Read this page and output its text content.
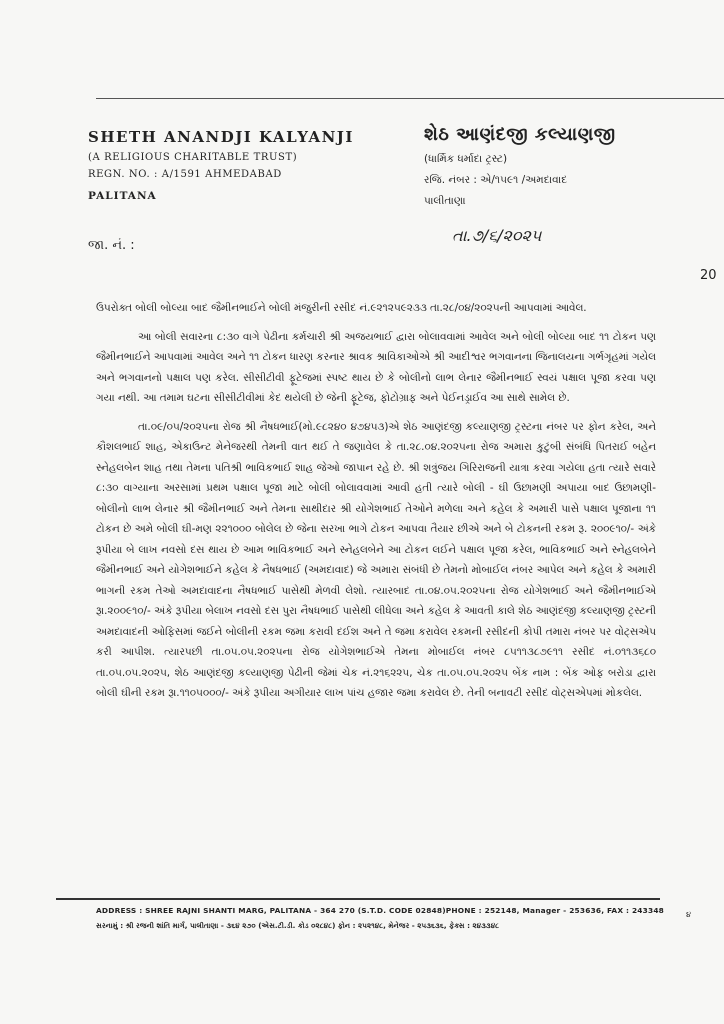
SHETH ANANDJI KALYANJI
(A RELIGIOUS CHARITABLE TRUST)
REGN. NO. : A/1591 AHMEDABAD
PALITANA
શેઠ આણંદજી કલ્યાણજી
(ધાર્મિક ધર્માદા ટ્રસ્ટ)
રજિ. નંબર : એ/૧૫૯૧ /અમદાવાદ
પાલીતાણા
જા. નં. :
તા.૭/૬/૨૦૨૫
20

ઉપરોક્ત બોલી બોલ્યા બાદ જૈમીનભાઈને બોલી મંજુરીની રસીદ નં.૯૨૧૨૫૯૨૩૩ તા.૨૮/૦૪/૨૦૨૫ની આપવામાં આવેલ.

આ બોલી સવારના ૮:૩૦ વાગે પેઢીના કર્મચારી શ્રી અજયભાઈ દ્વારા બોલાવવામાં આવેલ અને બોલી બોલ્યા બાદ ૧૧ ટોકન પણ જૈમીનભાઈને આપવામાં આવેલ અને ૧૧ ટોકન ધારણ કરનાર શ્રાવક શ્રાવિકાઓએ શ્રી આદીશ્વર ભગવાનના જિનાલયના ગર્ભગૃહમાં ગયેલ અને ભગવાનનો પક્ષાલ પણ કરેલ. સીસીટીવી ફૂટેજમાં સ્પષ્ટ થાય છે કે બોલીનો લાભ લેનાર જૈમીનભાઈ સ્વયં પક્ષાલ પૂજા કરવા પણ ગયા નથી. આ તમામ ઘટના સીસીટીવીમાં કેદ થયેલી છે જેની ફૂટેજ, ફોટોગ્રાફ અને પેઈનડ્રાઈવ આ સાથે સામેલ છે.

તા.૦૯/૦૫/૨૦૨૫ના રોજ શ્રી નૈષધભાઈ(મો.૯૮૨૪૦ ૪૭૪૫૩)એ શેઠ આણંદજી કલ્યાણજી ટ્રસ્ટના નંબર પર ફોન કરેલ, અને કૌશલભાઈ શાહ, એકાઉન્ટ મેનેજરથી તેમની વાત થઈ તે જણાવેલ કે તા.૨૮.૦૪.૨૦૨૫ના રોજ અમારા કુટુંબી સંબંધિ પિતરાઈ બહેન સ્નેહલબેન શાહ તથા તેમના પતિશ્રી ભાવિકભાઈ શાહ જેઓ જાપાન રહે છે. શ્રી શત્રુંજય ગિરિરાજની યાત્રા કરવા ગયેલા હતા ત્યારે સવારે ૮:૩૦ વાગ્યાના અરસામાં પ્રથમ પક્ષાલ પૂજા માટે બોલી બોલાવવામાં આવી હતી ત્યારે બોલી - ઘી ઉછામણી અપાયા બાદ ઉછામણી- બોલીનો લાભ લેનાર શ્રી જૈમીનભાઈ અને તેમના સાથીદાર શ્રી યોગેશભાઈ તેઓને મળેલા અને કહેલ કે અમારી પાસે પક્ષાલ પૂજાના ૧૧ ટોકન છે અમે બોલી ઘી-મણ ૨૨૧૦૦૦ બોલેલ છે જેના સરખા ભાગે ટોકન આપવા તૈયાર છીએ અને બે ટોકનની રકમ રૂ. ૨૦૦૯૧૦/- અંકે રૂપીયા બે લાખ નવસો દસ થાય છે આમ ભાવિકભાઈ અને સ્નેહલબેને આ ટોકન લઈને પક્ષાલ પૂજા કરેલ, ભાવિકભાઈ અને સ્નેહલબેને જૈમીનભાઈ અને યોગેશભાઈને કહેલ કે નૈષધભાઈ (અમદાવાદ) જે અમારા સંબંધી છે તેમનો મોબાઈલ નંબર આપેલ અને કહેલ કે અમારી ભાગની રકમ તેઓ અમદાવાદના નૈષધભાઈ પાસેથી મેળવી લેશો. ત્યારબાદ તા.૦૪.૦૫.૨૦૨૫ના રોજ યોગેશભાઈ અને જૈમીનભાઈએ રૂા.૨૦૦૯૧૦/- અંકે રૂપીયા બેલાખ નવસો દસ પુરા નૈષધભાઈ પાસેથી લીધેલા અને કહેલ કે આવતી કાલે શેઠ આણંદજી કલ્યાણજી ટ્રસ્ટની અમદાવાદની ઓફિસમાં જઈને બોલીની રકમ જમા કરાવી દઈશ અને તે જમા કરાવેલ રકમની રસીદની કોપી તમારા નંબર પર વોટ્સએપ કરી આપીશ. ત્યારપછી તા.૦૫.૦૫.૨૦૨૫ના રોજ યોગેશભાઈએ તેમના મોબાઈલ નંબર ૮૫૧૧૩૮૭૯૧૧ રસીદ નં.૦૧૧૩૬૮૦ તા.૦૫.૦૫.૨૦૨૫, શેઠ આણંદજી કલ્યાણજી પેઢીની જેમાં ચેક નં.૨૧૬૨૨૫, ચેક તા.૦૫.૦૫.૨૦૨૫ બેંક નામ : બેંક ઓફ બરોડા દ્વારા બોલી ઘીની રકમ રૂા.૧૧૦૫૦૦૦/- અંકે રૂપીયા અગીયાર લાખ પાંચ હજાર જમા કરાવેલ છે. તેની બનાવટી રસીદ વોટ્સએપમાં મોકલેલ.

ADDRESS : SHREE RAJNI SHANTI MARG, PALITANA - 364 270 (S.T.D. CODE 02848)PHONE : 252148, Manager - 253636, FAX : 243348
સરનામું : શ્રી રજની શાંતિ માર્ગ, પાલીતાણા - ૩૬૪ ૨૭૦ (એસ.ટી.ડી. કોડ ૦૨૮૪૮) ફોન : ૨૫૨૧૪૮, મેનેજર - ૨૫૩૬૩૬, ફેક્સ : ૨૪૩૩૪૮
૪
